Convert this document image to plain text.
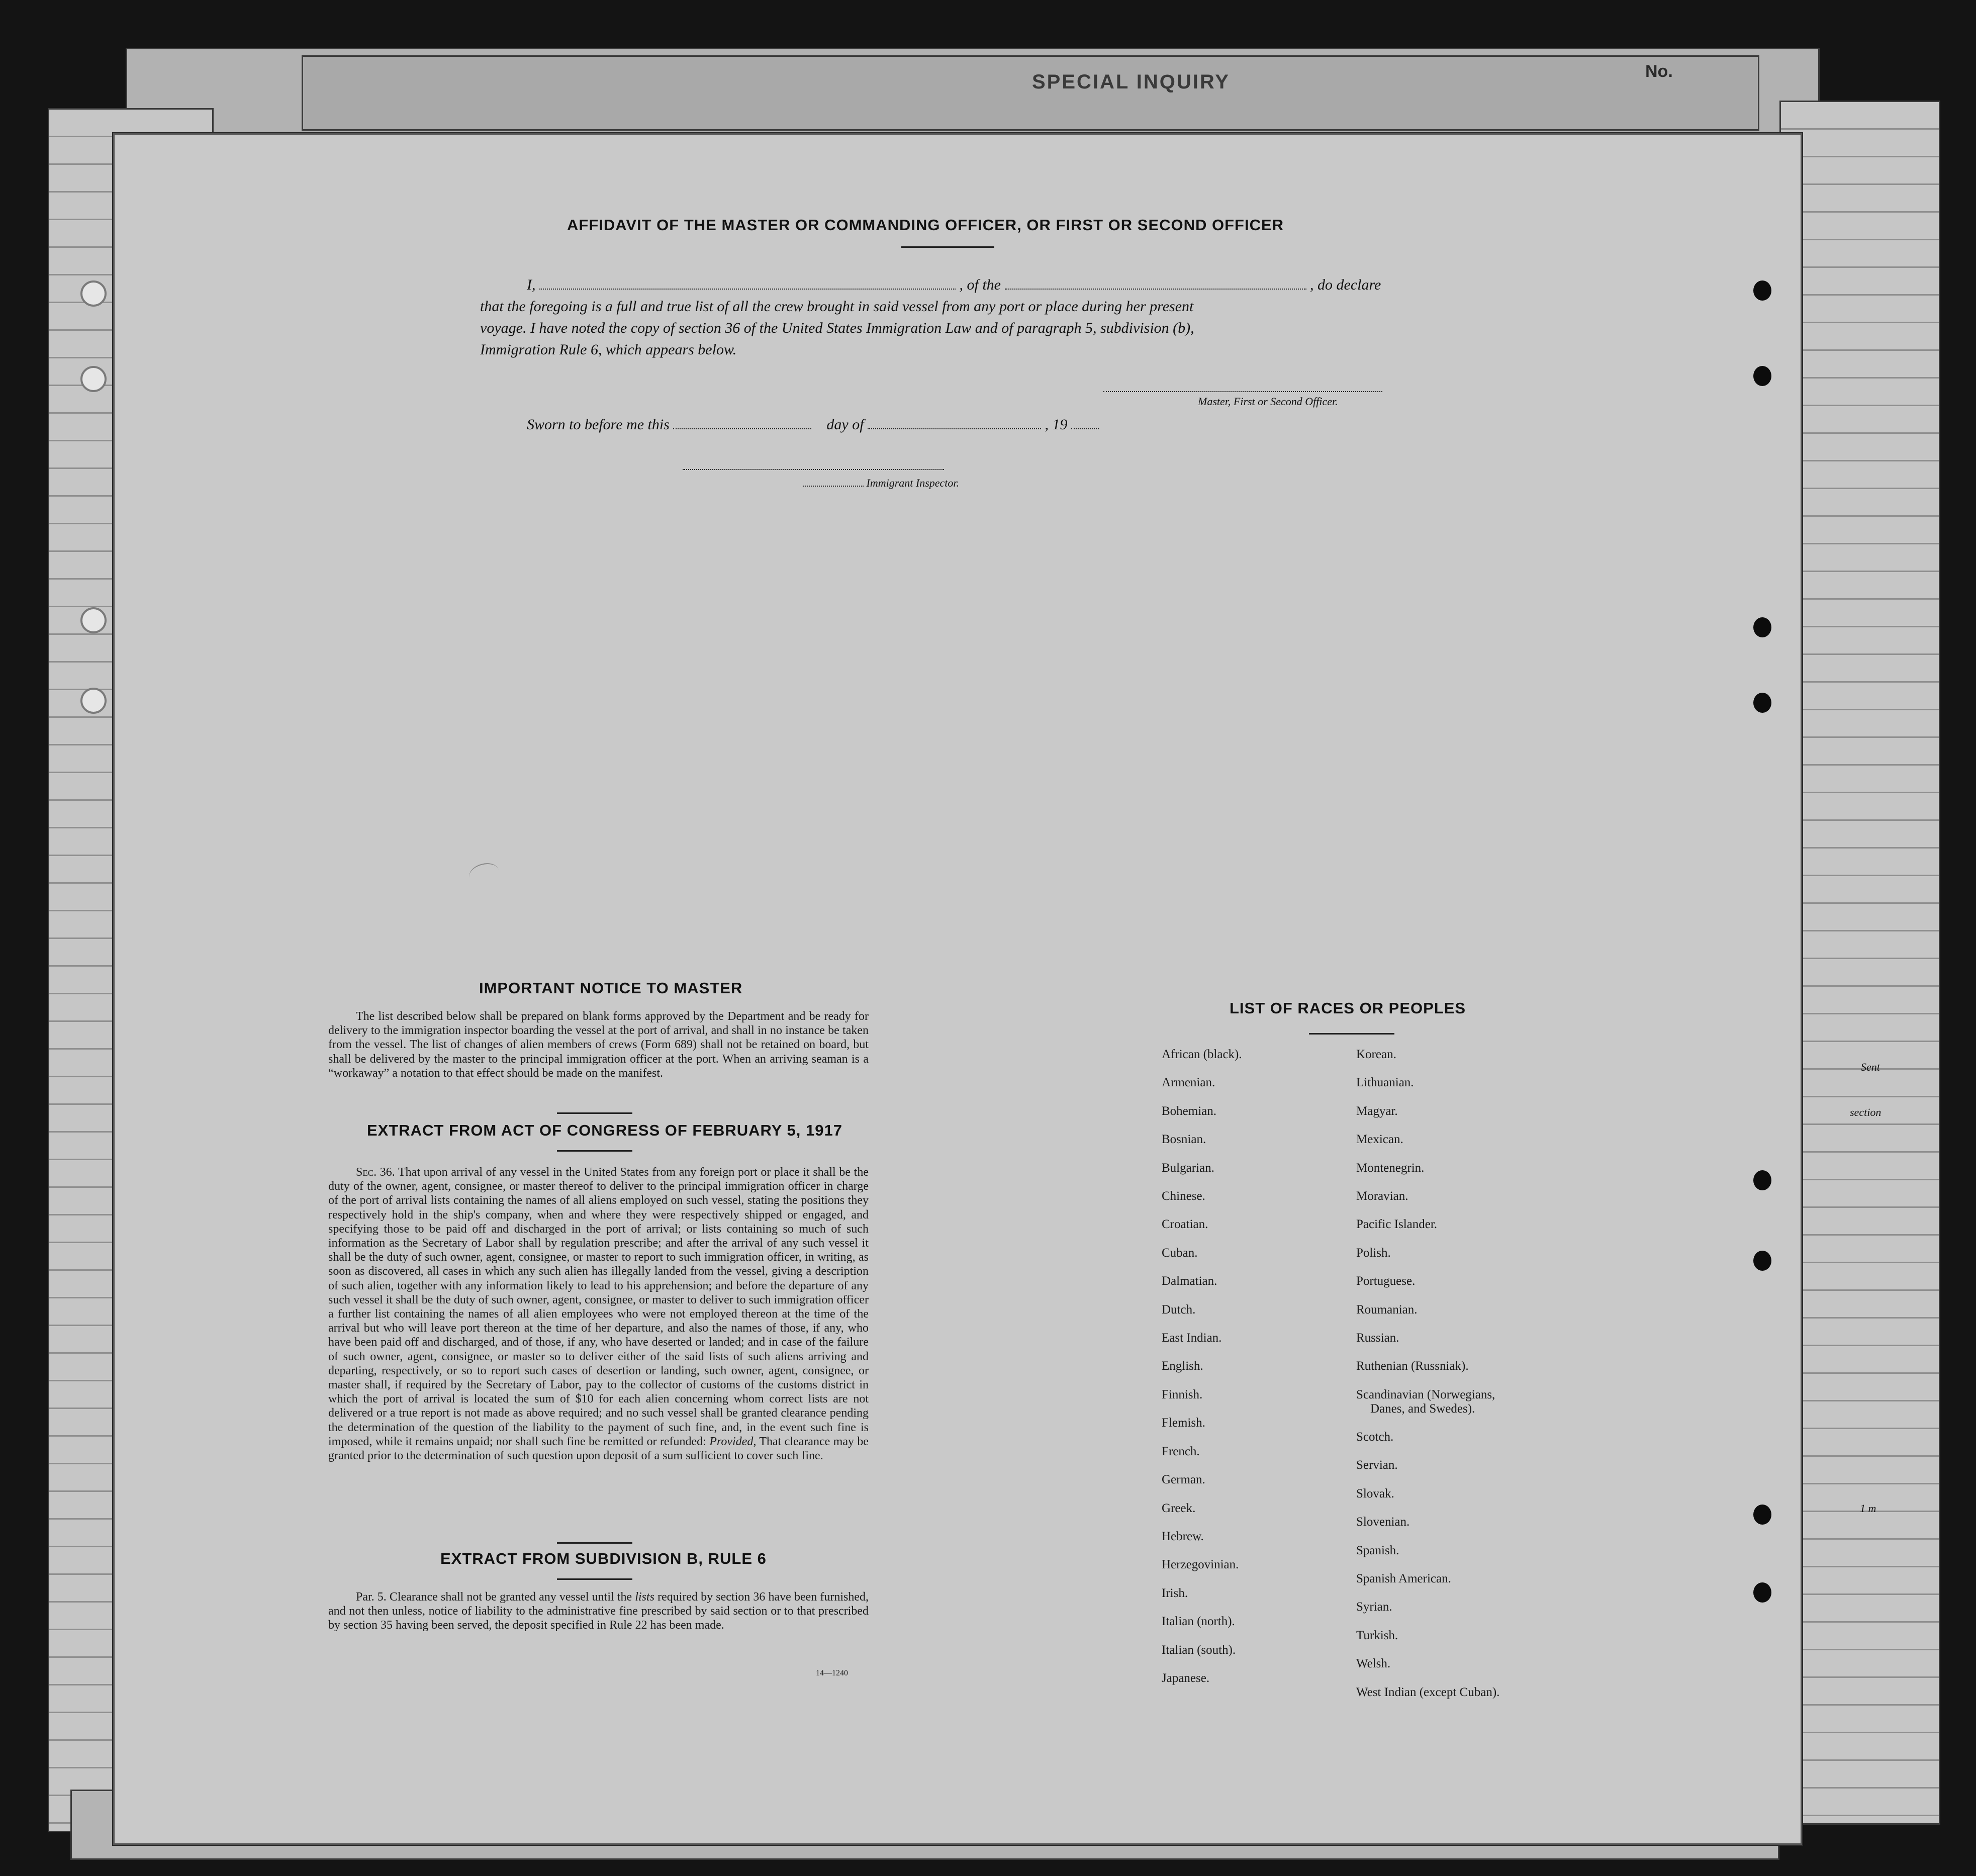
SPECIAL INQUIRY	No.
Sent
section
1 m
AFFIDAVIT OF THE MASTER OR COMMANDING OFFICER, OR FIRST OR SECOND OFFICER
I,	, of the	, do declare
that the foregoing is a full and true list of all the crew brought in said vessel from any port or place during her present
voyage. I have noted the copy of section 36 of the United States Immigration Law and of paragraph 5, subdivision (b),
Immigration Rule 6, which appears below.
Master, First or Second Officer.
Sworn to before me this	day of	, 19
Immigrant Inspector.
IMPORTANT NOTICE TO MASTER
The list described below shall be prepared on blank forms approved by the Department and be ready for delivery to the immigration inspector boarding the vessel at the port of arrival, and shall in no instance be taken from the vessel. The list of changes of alien members of crews (Form 689) shall not be retained on board, but shall be delivered by the master to the principal immigration officer at the port. When an arriving seaman is a “workaway” a notation to that effect should be made on the manifest.
EXTRACT FROM ACT OF CONGRESS OF FEBRUARY 5, 1917
Sec. 36. That upon arrival of any vessel in the United States from any foreign port or place it shall be the duty of the owner, agent, consignee, or master thereof to deliver to the principal immigration officer in charge of the port of arrival lists containing the names of all aliens employed on such vessel, stating the positions they respectively hold in the ship's company, when and where they were respectively shipped or engaged, and specifying those to be paid off and discharged in the port of arrival; or lists containing so much of such information as the Secretary of Labor shall by regulation prescribe; and after the arrival of any such vessel it shall be the duty of such owner, agent, consignee, or master to report to such immigration officer, in writing, as soon as discovered, all cases in which any such alien has illegally landed from the vessel, giving a description of such alien, together with any information likely to lead to his apprehension; and before the departure of any such vessel it shall be the duty of such owner, agent, consignee, or master to deliver to such immigration officer a further list containing the names of all alien employees who were not employed thereon at the time of the arrival but who will leave port thereon at the time of her departure, and also the names of those, if any, who have been paid off and discharged, and of those, if any, who have deserted or landed; and in case of the failure of such owner, agent, consignee, or master so to deliver either of the said lists of such aliens arriving and departing, respectively, or so to report such cases of desertion or landing, such owner, agent, consignee, or master shall, if required by the Secretary of Labor, pay to the collector of customs of the customs district in which the port of arrival is located the sum of $10 for each alien concerning whom correct lists are not delivered or a true report is not made as above required; and no such vessel shall be granted clearance pending the determination of the question of the liability to the payment of such fine, and, in the event such fine is imposed, while it remains unpaid; nor shall such fine be remitted or refunded: Provided, That clearance may be granted prior to the determination of such question upon deposit of a sum sufficient to cover such fine.
EXTRACT FROM SUBDIVISION B, RULE 6
Par. 5. Clearance shall not be granted any vessel until the lists required by section 36 have been furnished, and not then unless, notice of liability to the administrative fine prescribed by said section or to that prescribed by section 35 having been served, the deposit specified in Rule 22 has been made.
14—1240
LIST OF RACES OR PEOPLES
African (black).
Armenian.
Bohemian.
Bosnian.
Bulgarian.
Chinese.
Croatian.
Cuban.
Dalmatian.
Dutch.
East Indian.
English.
Finnish.
Flemish.
French.
German.
Greek.
Hebrew.
Herzegovinian.
Irish.
Italian (north).
Italian (south).
Japanese.
Korean.
Lithuanian.
Magyar.
Mexican.
Montenegrin.
Moravian.
Pacific Islander.
Polish.
Portuguese.
Roumanian.
Russian.
Ruthenian (Russniak).
Scandinavian (Norwegians,
Danes, and Swedes).
Scotch.
Servian.
Slovak.
Slovenian.
Spanish.
Spanish American.
Syrian.
Turkish.
Welsh.
West Indian (except Cuban).
